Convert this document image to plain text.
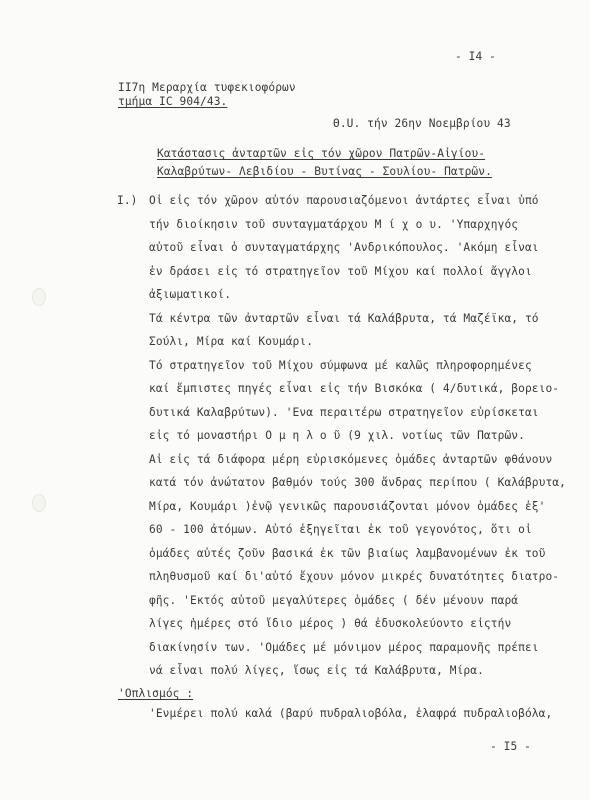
- I4 -
II7η Μεραρχία τυφεκιοφόρων
τμήμα IC 904/43.
Θ.U. τήν 26ην Νοεμβρίου 43
Κατάστασις ἀνταρτῶν εἰς τόν χῶρον Πατρῶν-Αἰγίου-
Καλαβρύτων- Λεβιδίου - Βυτίνας - Σουλίου- Πατρῶν.
I.) Οἱ εἰς τόν χῶρον αὐτόν παρουσιαζόμενοι ἀντάρτες εἶναι ὑπό
τήν διοίκησιν τοῦ συνταγματάρχου Μ ί χ ο υ. 'Υπαρχηγός
αὐτοῦ εἶναι ὁ συνταγματάρχης 'Ανδρικόπουλος. 'Ακόμη εἶναι
ἐν δράσει εἰς τό στρατηγεῖον τοῦ Μίχου καί πολλοί ἄγγλοι
ἀξιωματικοί.
Τά κέντρα τῶν ἀνταρτῶν εἶναι τά Καλάβρυτα, τά Μαζέϊκα, τό
Σούλι, Μίρα καί Κουμάρι.
Τό στρατηγεῖον τοῦ Μίχου σύμφωνα μέ καλῶς πληροφορημένες
καί ἔμπιστες πηγές εἶναι εἰς τήν Βισκόκα ( 4/δυτικά, βορειο-
δυτικά Καλαβρύτων). 'Ενα περαιτέρω στρατηγεῖον εὑρίσκεται
εἰς τό μοναστήρι Ο μ η λ ο ῦ (9 χιλ. νοτίως τῶν Πατρῶν.
Αἱ εἰς τά διάφορα μέρη εὑρισκόμενες ὁμάδες ἀνταρτῶν φθάνουν
κατά τόν ἀνώτατον βαθμόν τούς 300 ἄνδρας περίπου ( Καλάβρυτα,
Μίρα, Κουμάρι )ἐνῷ γενικῶς παρουσιάζονται μόνον ὁμάδες ἐξ'
60 - 100 ἀτόμων. Αὐτό ἐξηγεῖται ἐκ τοῦ γεγονότος, ὅτι οἱ
ὁμάδες αὐτές ζοῦν βασικά ἐκ τῶν βιαίως λαμβανομένων ἐκ τοῦ
πληθυσμοῦ καί δι'αὐτό ἔχουν μόνον μικρές δυνατότητες διατρο-
φῆς. 'Εκτός αὐτοῦ μεγαλύτερες ὁμάδες ( δέν μένουν παρά
λίγες ἡμέρες στό ἴδιο μέρος ) θά ἐδυσκολεύοντο εἰςτήν
διακίνησίν των. 'Ομάδες μέ μόνιμον μέρος παραμονῆς πρέπει
νά εἶναι πολύ λίγες, ἴσως εἰς τά Καλάβρυτα, Μίρα.
'Οπλισμός :
'Ενμέρει πολύ καλά (βαρύ πυδραλιοβόλα, ἐλαφρά πυδραλιοβόλα,
- I5 -
